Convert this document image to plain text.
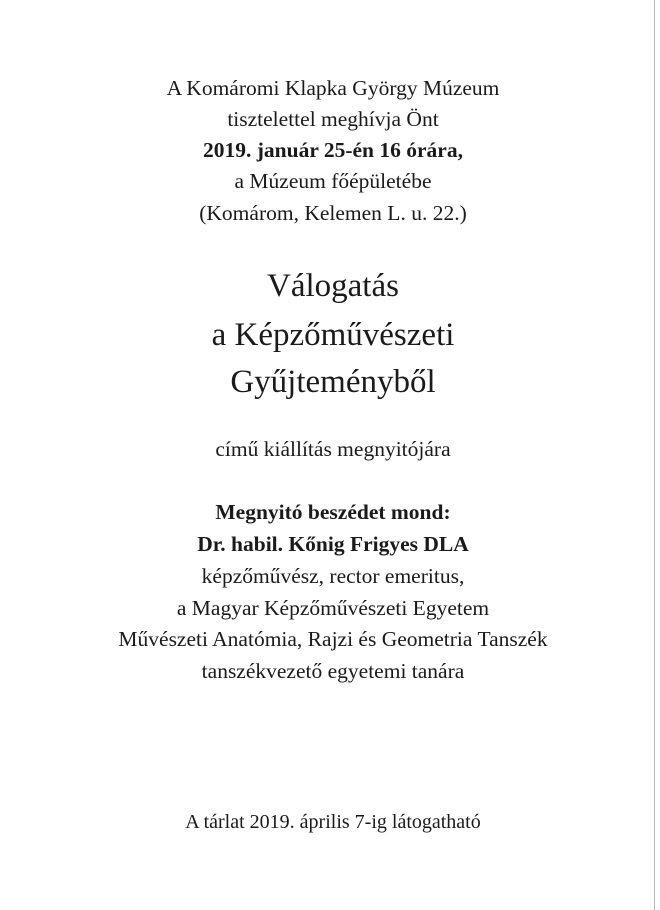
A Komáromi Klapka György Múzeum
tisztelettel meghívja Önt
2019. január 25-én 16 órára,
a Múzeum főépületébe
(Komárom, Kelemen L. u. 22.)
Válogatás
a Képzőművészeti
Gyűjteményből
című kiállítás megnyitójára
Megnyitó beszédet mond:
Dr. habil. Kőnig Frigyes DLA
képzőművész, rector emeritus,
a Magyar Képzőművészeti Egyetem
Művészeti Anatómia, Rajzi és Geometria Tanszék
tanszékvezető egyetemi tanára
A tárlat 2019. április 7-ig látogatható
